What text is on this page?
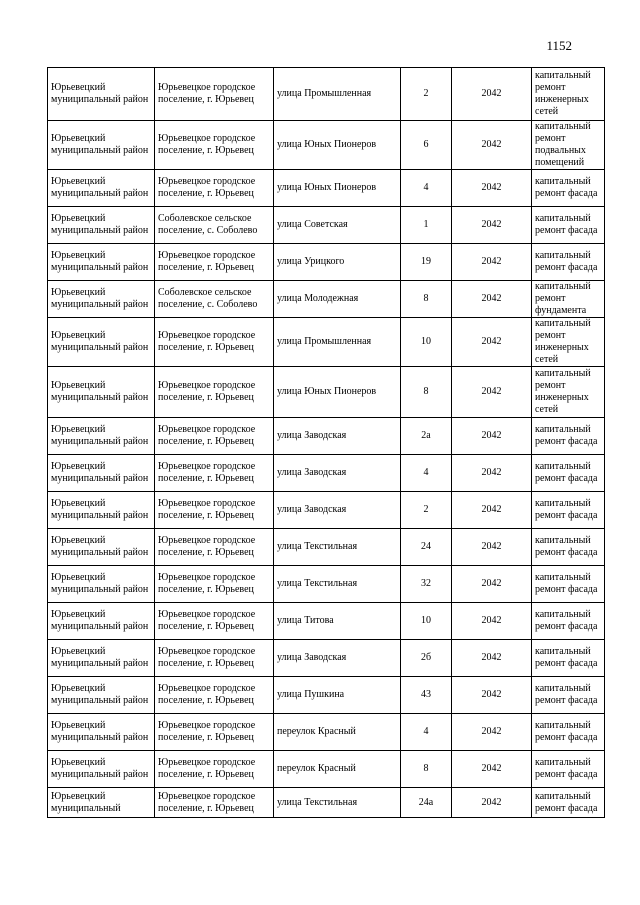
1152
Юрьевецкий муниципальный район	Юрьевецкое городское поселение, г. Юрьевец	улица Промышленная	2	2042	капитальный ремонт инженерных сетей
Юрьевецкий муниципальный район	Юрьевецкое городское поселение, г. Юрьевец	улица Юных Пионеров	6	2042	капитальный ремонт подвальных помещений
Юрьевецкий муниципальный район	Юрьевецкое городское поселение, г. Юрьевец	улица Юных Пионеров	4	2042	капитальный ремонт фасада
Юрьевецкий муниципальный район	Соболевское сельское поселение, с. Соболево	улица Советская	1	2042	капитальный ремонт фасада
Юрьевецкий муниципальный район	Юрьевецкое городское поселение, г. Юрьевец	улица Урицкого	19	2042	капитальный ремонт фасада
Юрьевецкий муниципальный район	Соболевское сельское поселение, с. Соболево	улица Молодежная	8	2042	капитальный ремонт фундамента
Юрьевецкий муниципальный район	Юрьевецкое городское поселение, г. Юрьевец	улица Промышленная	10	2042	капитальный ремонт инженерных сетей
Юрьевецкий муниципальный район	Юрьевецкое городское поселение, г. Юрьевец	улица Юных Пионеров	8	2042	капитальный ремонт инженерных сетей
Юрьевецкий муниципальный район	Юрьевецкое городское поселение, г. Юрьевец	улица Заводская	2а	2042	капитальный ремонт фасада
Юрьевецкий муниципальный район	Юрьевецкое городское поселение, г. Юрьевец	улица Заводская	4	2042	капитальный ремонт фасада
Юрьевецкий муниципальный район	Юрьевецкое городское поселение, г. Юрьевец	улица Заводская	2	2042	капитальный ремонт фасада
Юрьевецкий муниципальный район	Юрьевецкое городское поселение, г. Юрьевец	улица Текстильная	24	2042	капитальный ремонт фасада
Юрьевецкий муниципальный район	Юрьевецкое городское поселение, г. Юрьевец	улица Текстильная	32	2042	капитальный ремонт фасада
Юрьевецкий муниципальный район	Юрьевецкое городское поселение, г. Юрьевец	улица Титова	10	2042	капитальный ремонт фасада
Юрьевецкий муниципальный район	Юрьевецкое городское поселение, г. Юрьевец	улица Заводская	2б	2042	капитальный ремонт фасада
Юрьевецкий муниципальный район	Юрьевецкое городское поселение, г. Юрьевец	улица Пушкина	43	2042	капитальный ремонт фасада
Юрьевецкий муниципальный район	Юрьевецкое городское поселение, г. Юрьевец	переулок Красный	4	2042	капитальный ремонт фасада
Юрьевецкий муниципальный район	Юрьевецкое городское поселение, г. Юрьевец	переулок Красный	8	2042	капитальный ремонт фасада
Юрьевецкий муниципальный	Юрьевецкое городское поселение, г. Юрьевец	улица Текстильная	24а	2042	капитальный ремонт фасада
